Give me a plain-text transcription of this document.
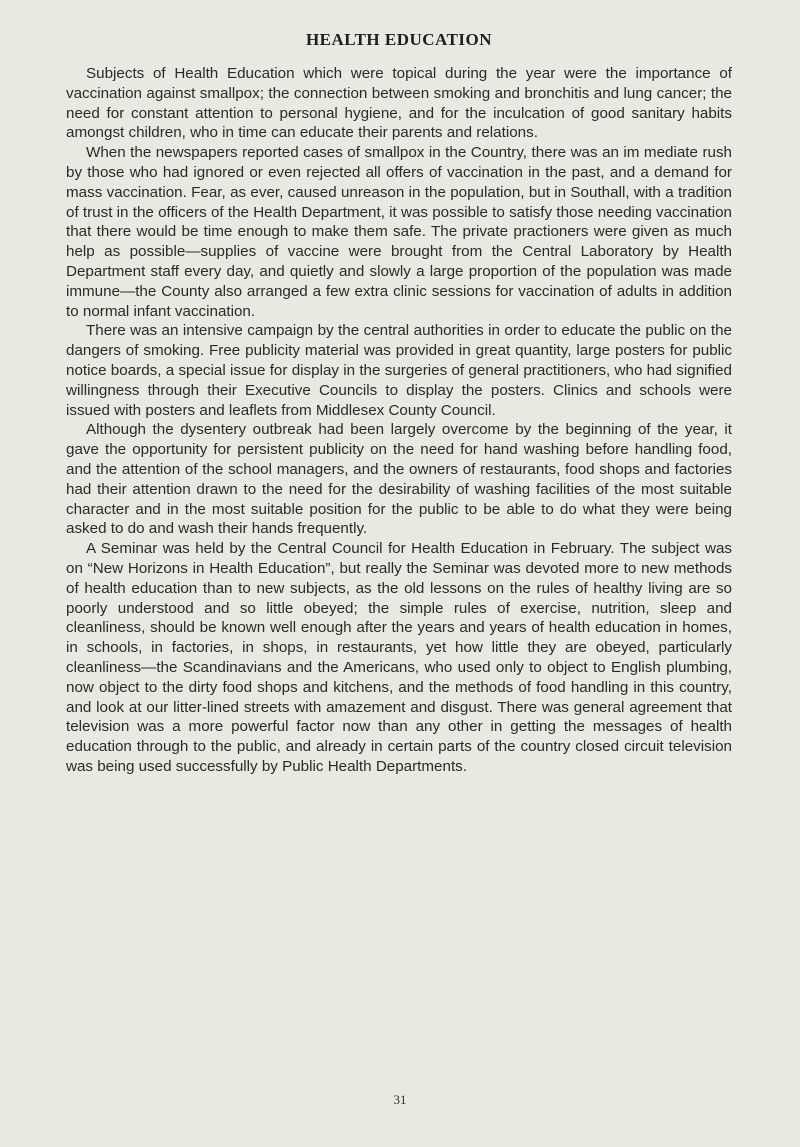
HEALTH EDUCATION

Subjects of Health Education which were topical during the year were the importance of vaccination against smallpox; the connection between smoking and bronchitis and lung cancer; the need for constant attention to personal hygiene, and for the inculcation of good sanitary habits amongst children, who in time can educate their parents and relations.

When the newspapers reported cases of smallpox in the Country, there was an im mediate rush by those who had ignored or even rejected all offers of vaccination in the past, and a demand for mass vaccination. Fear, as ever, caused unreason in the population, but in Southall, with a tradition of trust in the officers of the Health Department, it was possible to satisfy those needing vaccination that there would be time enough to make them safe. The private practioners were given as much help as possible—supplies of vaccine were brought from the Central Laboratory by Health Department staff every day, and quietly and slowly a large proportion of the population was made immune—the County also arranged a few extra clinic sessions for vaccination of adults in addition to normal infant vaccination.

There was an intensive campaign by the central authorities in order to educate the public on the dangers of smoking. Free publicity material was provided in great quantity, large posters for public notice boards, a special issue for display in the surgeries of general practitioners, who had signified willingness through their Executive Councils to display the posters. Clinics and schools were issued with posters and leaflets from Middlesex County Council.

Although the dysentery outbreak had been largely overcome by the beginning of the year, it gave the opportunity for persistent publicity on the need for hand washing before handling food, and the attention of the school managers, and the owners of restaurants, food shops and factories had their attention drawn to the need for the desirability of washing facilities of the most suitable character and in the most suitable position for the public to be able to do what they were being asked to do and wash their hands frequently.

A Seminar was held by the Central Council for Health Education in February. The subject was on “New Horizons in Health Education”, but really the Seminar was devoted more to new methods of health education than to new subjects, as the old lessons on the rules of healthy living are so poorly understood and so little obeyed; the simple rules of exercise, nutrition, sleep and cleanliness, should be known well enough after the years and years of health education in homes, in schools, in factories, in shops, in restaurants, yet how little they are obeyed, particularly cleanliness—the Scandinavians and the Americans, who used only to object to English plumbing, now object to the dirty food shops and kitchens, and the methods of food handling in this country, and look at our litter-lined streets with amazement and disgust. There was general agreement that television was a more powerful factor now than any other in getting the messages of health education through to the public, and already in certain parts of the country closed circuit television was being used successfully by Public Health Departments.

31
